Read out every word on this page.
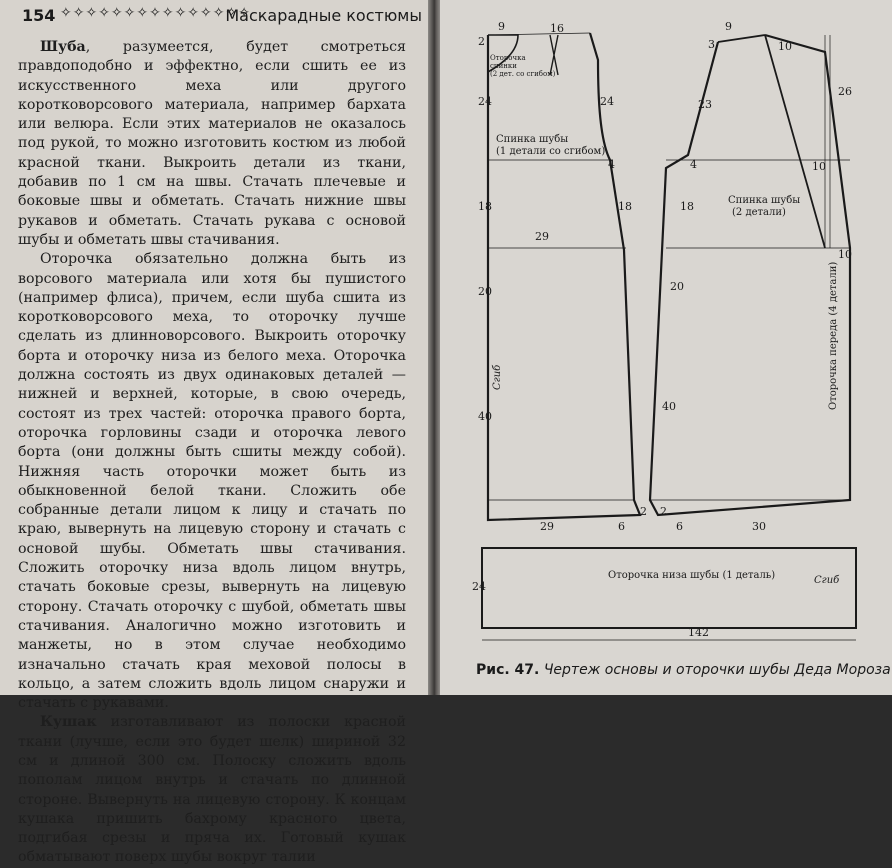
154 ✧✧✧✧✧✧✧✧✧✧✧✧✧✧✧
Маскарадные костюмы

Шуба, разумеется, будет смотреться правдоподобно и эффектно, если сшить ее из искусственного меха или другого коротковорсового материала, например бархата или велюра. Если этих материалов не оказалось под рукой, то можно изготовить костюм из любой красной ткани. Выкроить детали из ткани, добавив по 1 см на швы. Стачать плечевые и боковые швы и обметать. Стачать нижние швы рукавов и обметать. Стачать рукава с основой шубы и обметать швы стачивания.

Оторочка обязательно должна быть из ворсового материала или хотя бы пушистого (например флиса), причем, если шуба сшита из коротковорсового меха, то оторочку лучше сделать из длинноворсового. Выкроить оторочку борта и оторочку низа из белого меха. Оторочка должна состоять из двух одинаковых деталей — нижней и верхней, которые, в свою очередь, состоят из трех частей: оторочка правого борта, оторочка горловины сзади и оторочка левого борта (они должны быть сшиты между собой). Нижняя часть оторочки может быть из обыкновенной белой ткани. Сложить обе собранные детали лицом к лицу и стачать по краю, вывернуть на лицевую сторону и стачать с основой шубы. Обметать швы стачивания. Сложить оторочку низа вдоль лицом внутрь, стачать боковые срезы, вывернуть на лицевую сторону. Стачать оторочку с шубой, обметать швы стачивания. Аналогично можно изготовить и манжеты, но в этом случае необходимо изначально стачать края меховой полосы в кольцо, а затем сложить вдоль лицом снаружи и стачать с рукавами.

Кушак изготавливают из полоски красной ткани (лучше, если это будет шелк) шириной 32 см и длиной 300 см. Полоску сложить вдоль пополам лицом внутрь и стачать по длинной стороне. Вывернуть на лицевую сторону. К концам кушака пришить бахрому красного цвета, подгибая срезы и пряча их. Готовый кушак обматывают поверх шубы вокруг талии

9	16
2
24	24
4
18	18
29
20
40
29	6
2
9
3	10
23
26
4
10
18
10
20
40
2
6	30
24
142
Спинка шубы
(1 детали со сгибом)
Спинка шубы
(2 детали)
Оторочка низа шубы (1 деталь)	Сгиб
Сгиб	Оторочка переда (4 детали)
Оторочка
спинки
(2 дет. со сгибом)
Рис. 47. Чертеж основы и оторочки шубы Деда Мороза
